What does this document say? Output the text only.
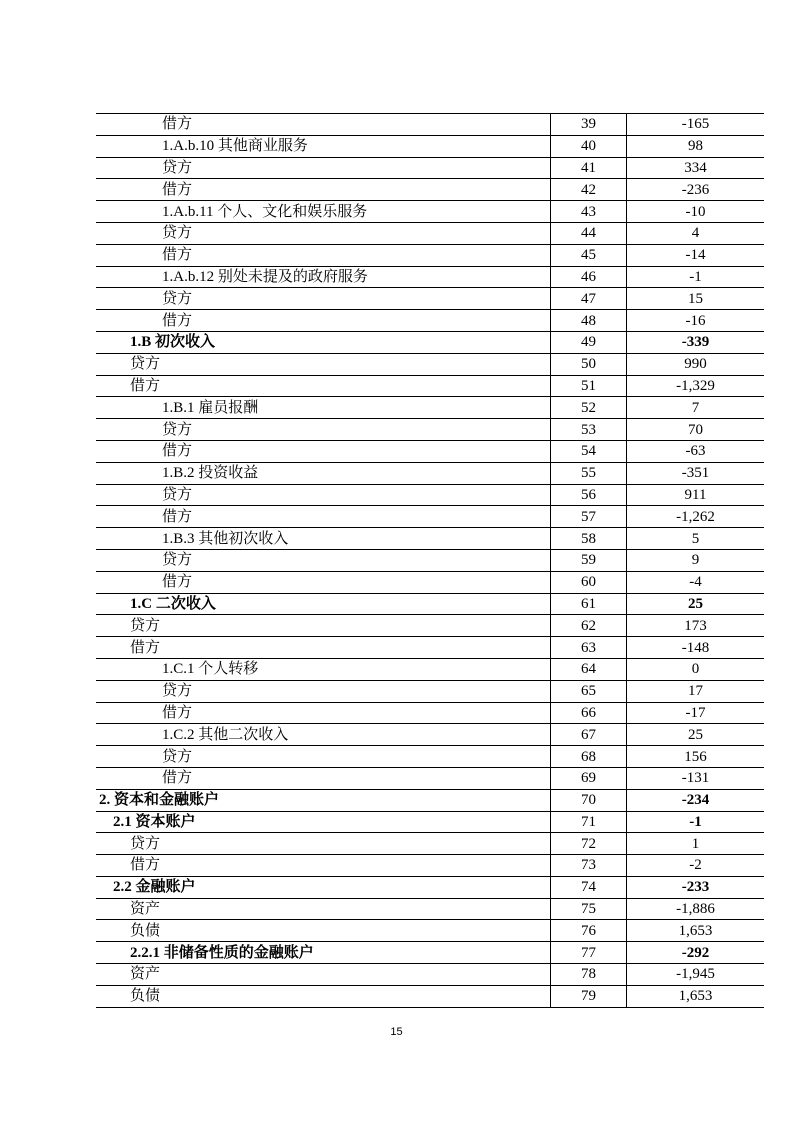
借方	39	-165
1.A.b.10 其他商业服务	40	98
贷方	41	334
借方	42	-236
1.A.b.11 个人、文化和娱乐服务	43	-10
贷方	44	4
借方	45	-14
1.A.b.12 别处未提及的政府服务	46	-1
贷方	47	15
借方	48	-16
1.B 初次收入	49	-339
贷方	50	990
借方	51	-1,329
1.B.1 雇员报酬	52	7
贷方	53	70
借方	54	-63
1.B.2 投资收益	55	-351
贷方	56	911
借方	57	-1,262
1.B.3 其他初次收入	58	5
贷方	59	9
借方	60	-4
1.C 二次收入	61	25
贷方	62	173
借方	63	-148
1.C.1 个人转移	64	0
贷方	65	17
借方	66	-17
1.C.2 其他二次收入	67	25
贷方	68	156
借方	69	-131
2. 资本和金融账户	70	-234
2.1 资本账户	71	-1
贷方	72	1
借方	73	-2
2.2 金融账户	74	-233
资产	75	-1,886
负债	76	1,653
2.2.1 非储备性质的金融账户	77	-292
资产	78	-1,945
负债	79	1,653
15
